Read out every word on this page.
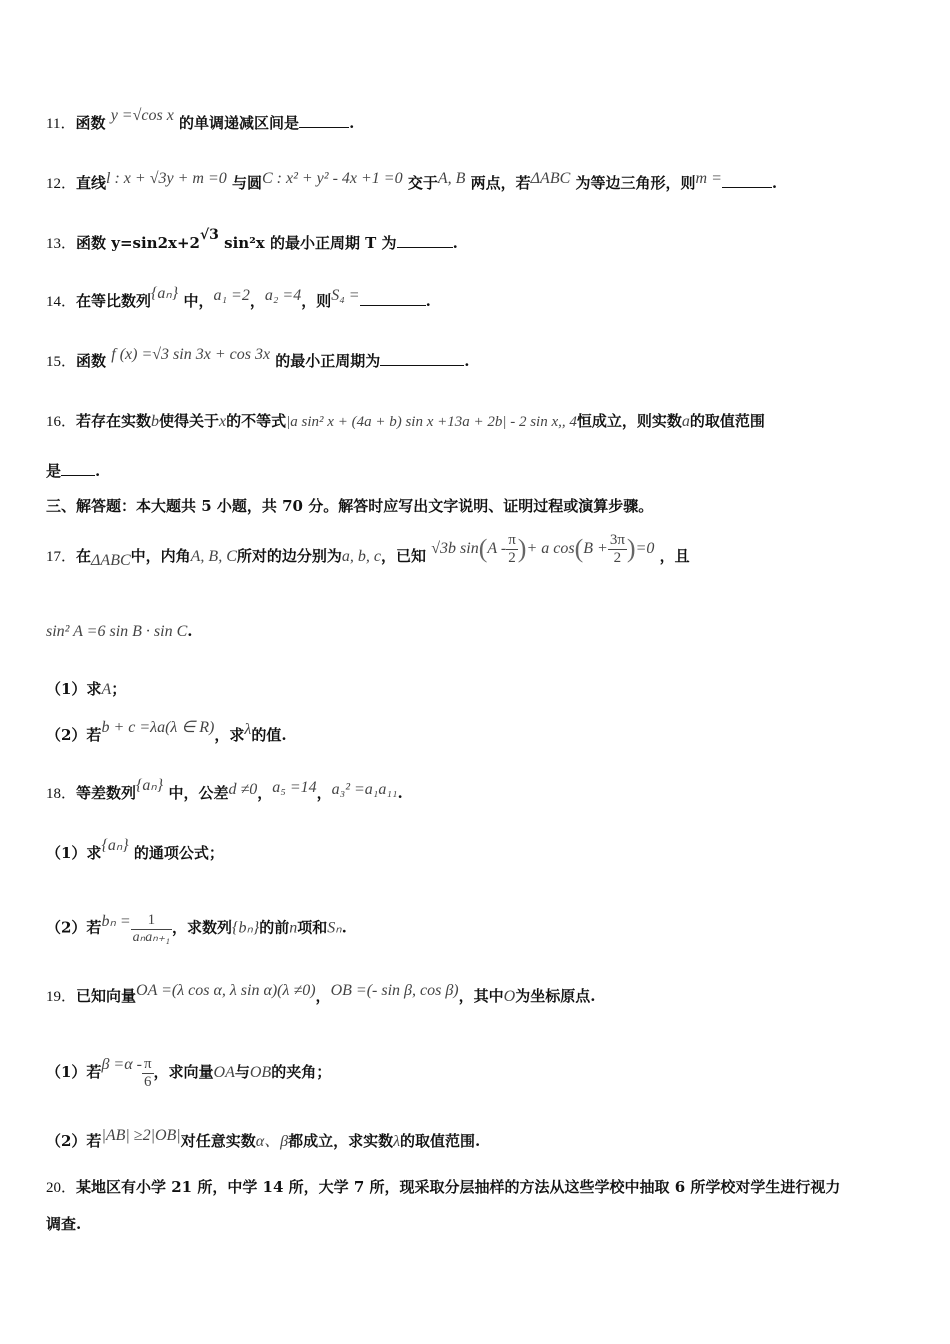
11．函数 y =√cos x 的单调递减区间是	.
12．直线l : x + √3y + m =0 与圆C : x² + y² - 4x +1 =0 交于A, B 两点，若ΔABC 为等边三角形，则m =	.
13．函数 y=sin2x+2√3 sin²x 的最小正周期 T 为	.
14．在等比数列{aₙ} 中，a₁ =2，a₂ =4，则S₄ =	.
15．函数 f (x) =√3 sin 3x + cos 3x 的最小正周期为	.
16．若存在实数b使得关于x的不等式|a sin² x + (4a + b) sin x +13a + 2b| - 2 sin x,, 4恒成立，则实数a的取值范围
是 .
三、解答题：本大题共 5 小题，共 70 分。解答时应写出文字说明、证明过程或演算步骤。
17．在ΔABC中，内角A, B, C所对的边分别为a, b, c，已知 √3b $\sin(A - \frac{\pi}{2}$ )+ a $\cos(B + \frac{3\pi}{2} )=0$ ，且
sin² A =6 sin B · sin C.
（1）求A；
（2）若b + c =λa(λ ∈ R)，求λ的值.
18．等差数列{aₙ} 中，公差d ≠0，a₅ =14，a₃² =a₁a₁₁.
（1）求{aₙ} 的通项公式；
（2）若$b_n = \frac{1}{\text{aₙaₙ₊₁}}$ ，求数列{bₙ}的前n项和Sₙ.
19．已知向量OA =(λ cos α, λ sin α)(λ ≠0)，OB =(- sin β, cos β)，其中O为坐标原点.
（1）若$\beta =\alpha - \frac{\pi}{6}$ ，求向量OA与OB的夹角；
（2）若|AB| ≥2|OB|对任意实数α、β都成立，求实数λ的取值范围.
20．某地区有小学 21 所，中学 14 所，大学 7 所，现采取分层抽样的方法从这些学校中抽取 6 所学校对学生进行视力
调查.
